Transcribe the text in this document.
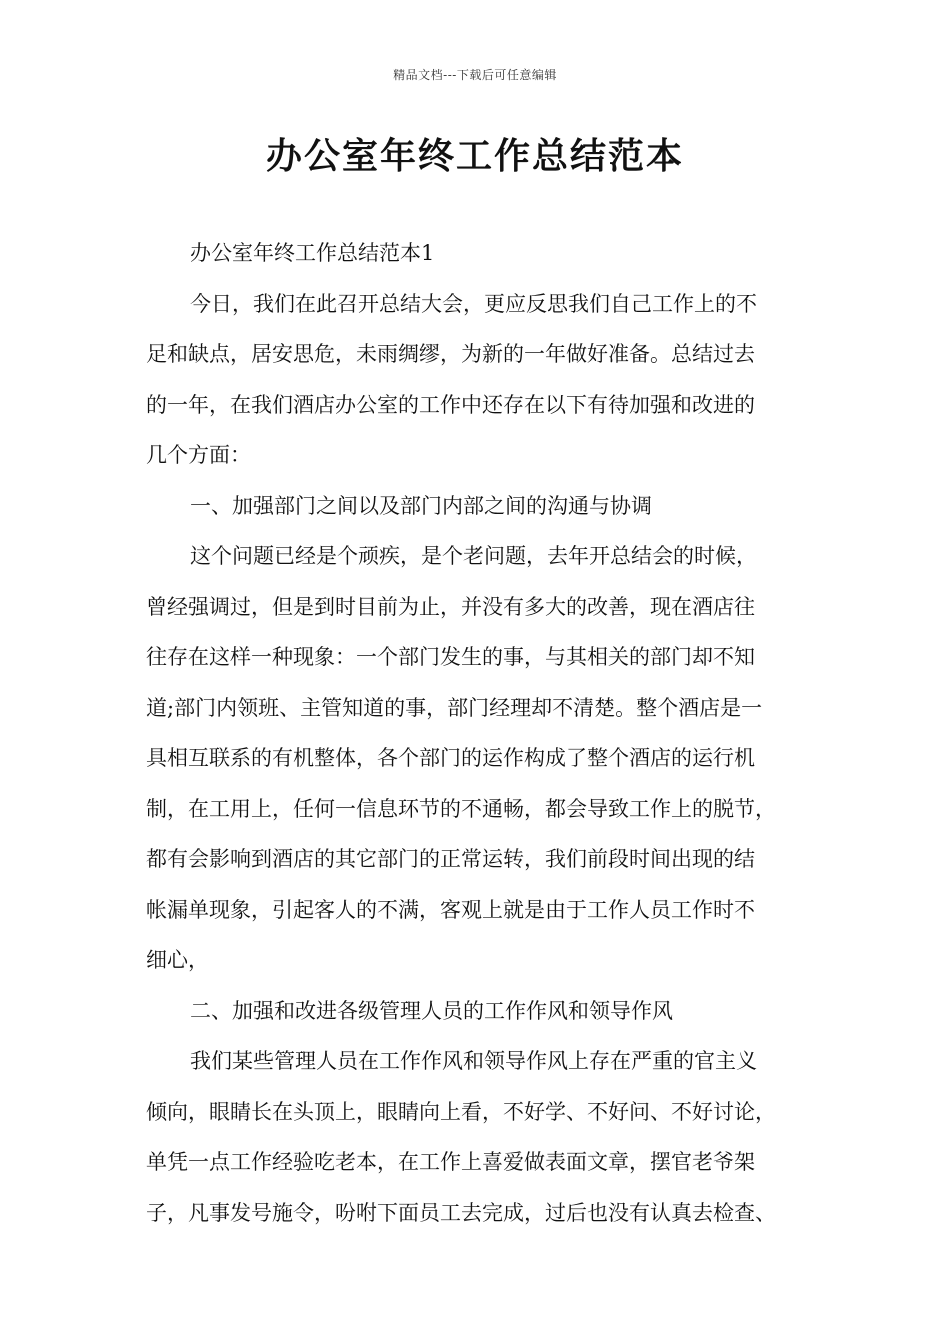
精品文档---下载后可任意编辑
办公室年终工作总结范本
办公室年终工作总结范本1
今日，我们在此召开总结大会，更应反思我们自己工作上的不
足和缺点，居安思危，未雨绸缪，为新的一年做好准备。总结过去
的一年，在我们酒店办公室的工作中还存在以下有待加强和改进的
几个方面：
一、加强部门之间以及部门内部之间的沟通与协调
这个问题已经是个顽疾，是个老问题，去年开总结会的时候，
曾经强调过，但是到时目前为止，并没有多大的改善，现在酒店往
往存在这样一种现象：一个部门发生的事，与其相关的部门却不知
道;部门内领班、主管知道的事，部门经理却不清楚。整个酒店是一
具相互联系的有机整体，各个部门的运作构成了整个酒店的运行机
制，在工用上，任何一信息环节的不通畅，都会导致工作上的脱节，
都有会影响到酒店的其它部门的正常运转，我们前段时间出现的结
帐漏单现象，引起客人的不满，客观上就是由于工作人员工作时不
细心，
二、加强和改进各级管理人员的工作作风和领导作风
我们某些管理人员在工作作风和领导作风上存在严重的官主义
倾向，眼睛长在头顶上，眼睛向上看，不好学、不好问、不好讨论，
单凭一点工作经验吃老本，在工作上喜爱做表面文章，摆官老爷架
子，凡事发号施令，吩咐下面员工去完成，过后也没有认真去检查、
